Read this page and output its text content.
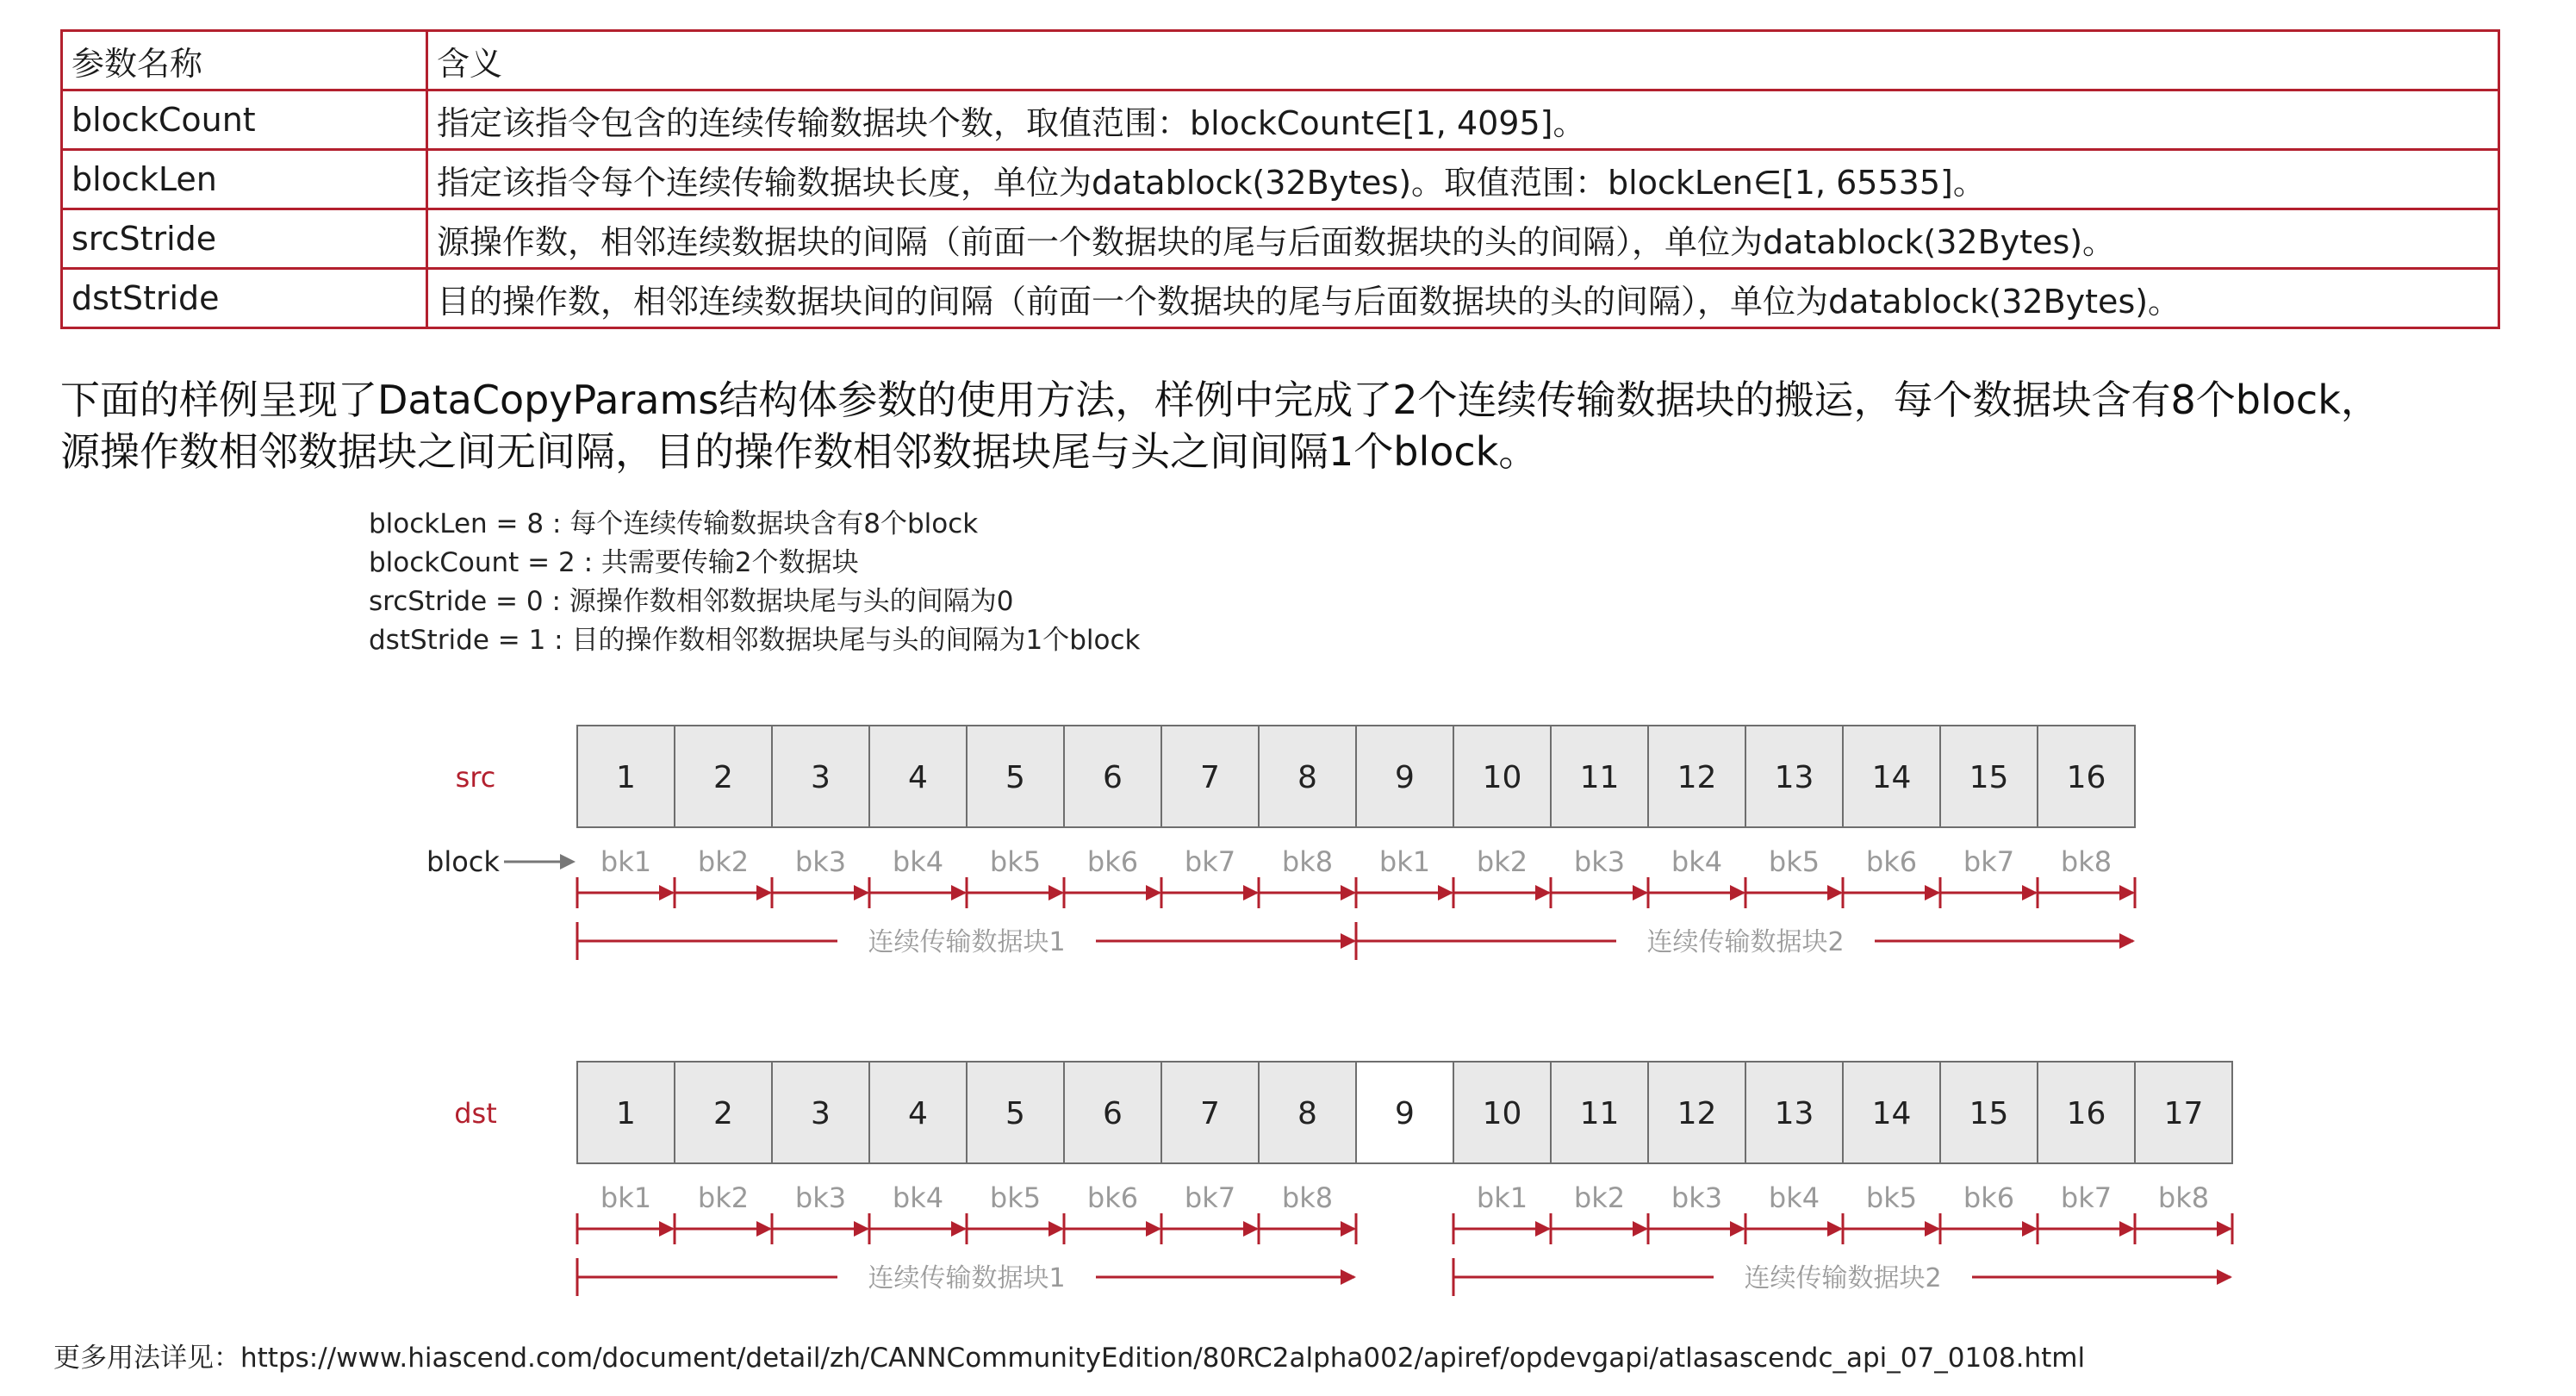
参数名称	含义
blockCount	指定该指令包含的连续传输数据块个数，取值范围：blockCount∈[1, 4095]。
blockLen	指定该指令每个连续传输数据块长度，单位为datablock(32Bytes)。取值范围：blockLen∈[1, 65535]。
srcStride	源操作数，相邻连续数据块的间隔（前面一个数据块的尾与后面数据块的头的间隔），单位为datablock(32Bytes)。
dstStride	目的操作数，相邻连续数据块间的间隔（前面一个数据块的尾与后面数据块的头的间隔），单位为datablock(32Bytes)。
下面的样例呈现了DataCopyParams结构体参数的使用方法，样例中完成了2个连续传输数据块的搬运，每个数据块含有8个block，
源操作数相邻数据块之间无间隔，目的操作数相邻数据块尾与头之间间隔1个block。
blockLen = 8 : 每个连续传输数据块含有8个block
blockCount = 2 : 共需要传输2个数据块
srcStride = 0 : 源操作数相邻数据块尾与头的间隔为0
dstStride = 1 : 目的操作数相邻数据块尾与头的间隔为1个block
src	1	2	3	4	5	6	7	8	9 10 11 12 13 14 15 16
bk1 bk2 bk3 bk4 bk5 bk6 bk7 bk8 bk1 bk2 bk3 bk4 bk5 bk6 bk7 bk8
连续传输数据块1	连续传输数据块2
dst	1	2	3	4	5	6	7	8	9 10 11 12 13 14 15 16 17
bk1 bk2 bk3 bk4 bk5 bk6 bk7 bk8	bk1 bk2 bk3 bk4 bk5 bk6 bk7 bk8
连续传输数据块1	连续传输数据块2
block
更多用法详见：https://www.hiascend.com/document/detail/zh/CANNCommunityEdition/80RC2alpha002/apiref/opdevgapi/atlasascendc_api_07_0108.html
